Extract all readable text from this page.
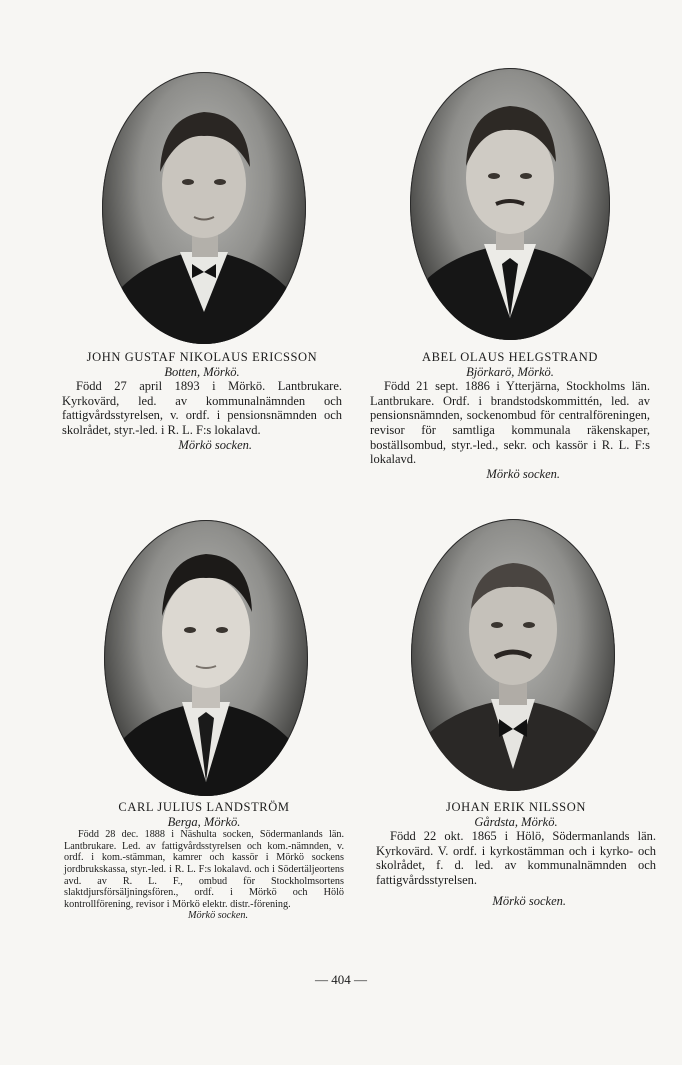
JOHN GUSTAF NIKOLAUS ERICSSON
Botten, Mörkö.
Född 27 april 1893 i Mörkö. Lantbrukare. Kyrkovärd, led. av kommunalnämnden och fattigvårdsstyrelsen, v. ordf. i pensionsnämnden och skolrådet, styr.-led. i R. L. F:s lokalavd.
Mörkö socken.
ABEL OLAUS HELGSTRAND
Björkarö, Mörkö.
Född 21 sept. 1886 i Ytterjärna, Stockholms län. Lantbrukare. Ordf. i brandstodskommittén, led. av pensionsnämnden, sockenombud för centralföreningen, revisor för samtliga kommunala räkenskaper, boställsombud, styr.-led., sekr. och kassör i R. L. F:s lokalavd.
Mörkö socken.
CARL JULIUS LANDSTRÖM
Berga, Mörkö.
Född 28 dec. 1888 i Näshulta socken, Södermanlands län. Lantbrukare. Led. av fattigvårdsstyrelsen och kom.-nämnden, v. ordf. i kom.-stämman, kamrer och kassör i Mörkö sockens jordbrukskassa, styr.-led. i R. L. F:s lokalavd. och i Södertäljeortens avd. av R. L. F., ombud för Stockholmsortens slaktdjursförsäljningsfören., ordf. i Mörkö och Hölö kontrollförening, revisor i Mörkö elektr. distr.-förening.
Mörkö socken.
JOHAN ERIK NILSSON
Gårdsta, Mörkö.
Född 22 okt. 1865 i Hölö, Södermanlands län. Kyrkovärd. V. ordf. i kyrkostämman och i kyrko- och skolrådet, f. d. led. av kommunalnämnden och fattigvårdsstyrelsen.
Mörkö socken.
— 404 —
